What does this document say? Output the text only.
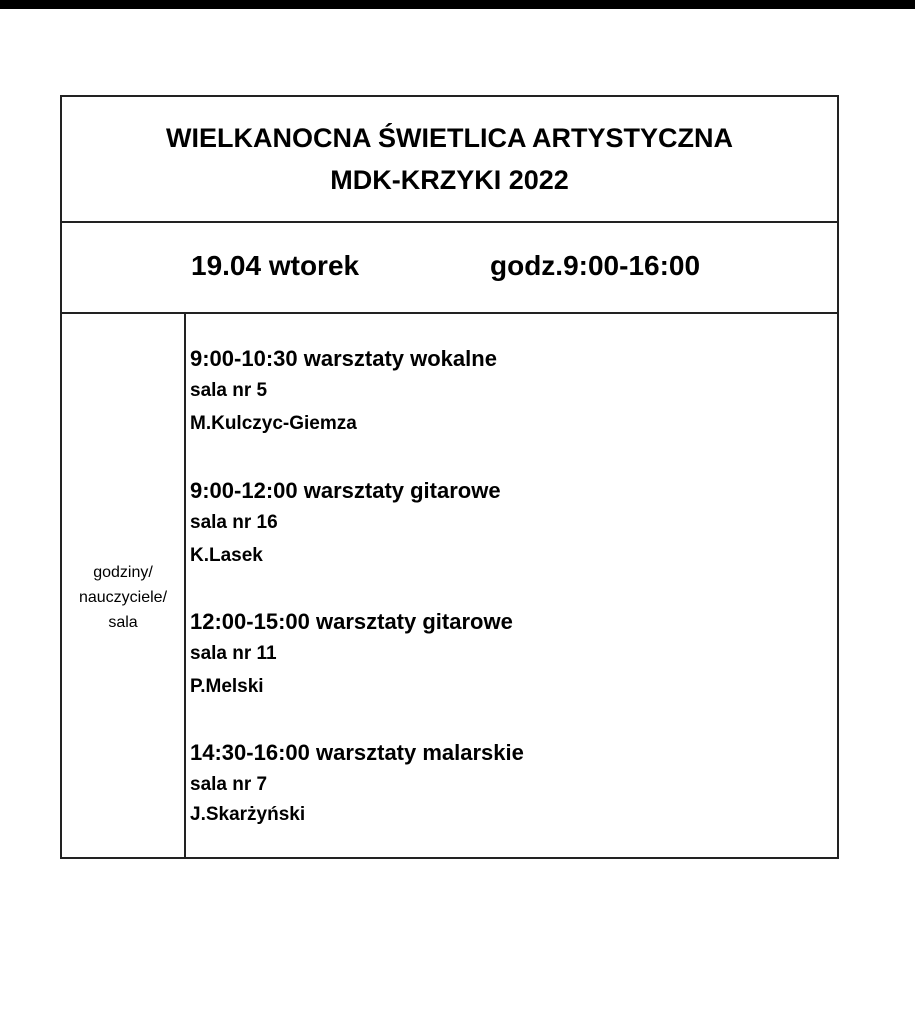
WIELKANOCNA ŚWIETLICA ARTYSTYCZNA
MDK-KRZYKI 2022
19.04 wtorek	godz.9:00-16:00
godziny/
nauczyciele/
sala
9:00-10:30 warsztaty wokalne
sala nr 5
M.Kulczyc-Giemza
9:00-12:00 warsztaty gitarowe
sala nr 16
K.Lasek
12:00-15:00 warsztaty gitarowe
sala nr 11
P.Melski
14:30-16:00 warsztaty malarskie
sala nr 7
J.Skarżyński
